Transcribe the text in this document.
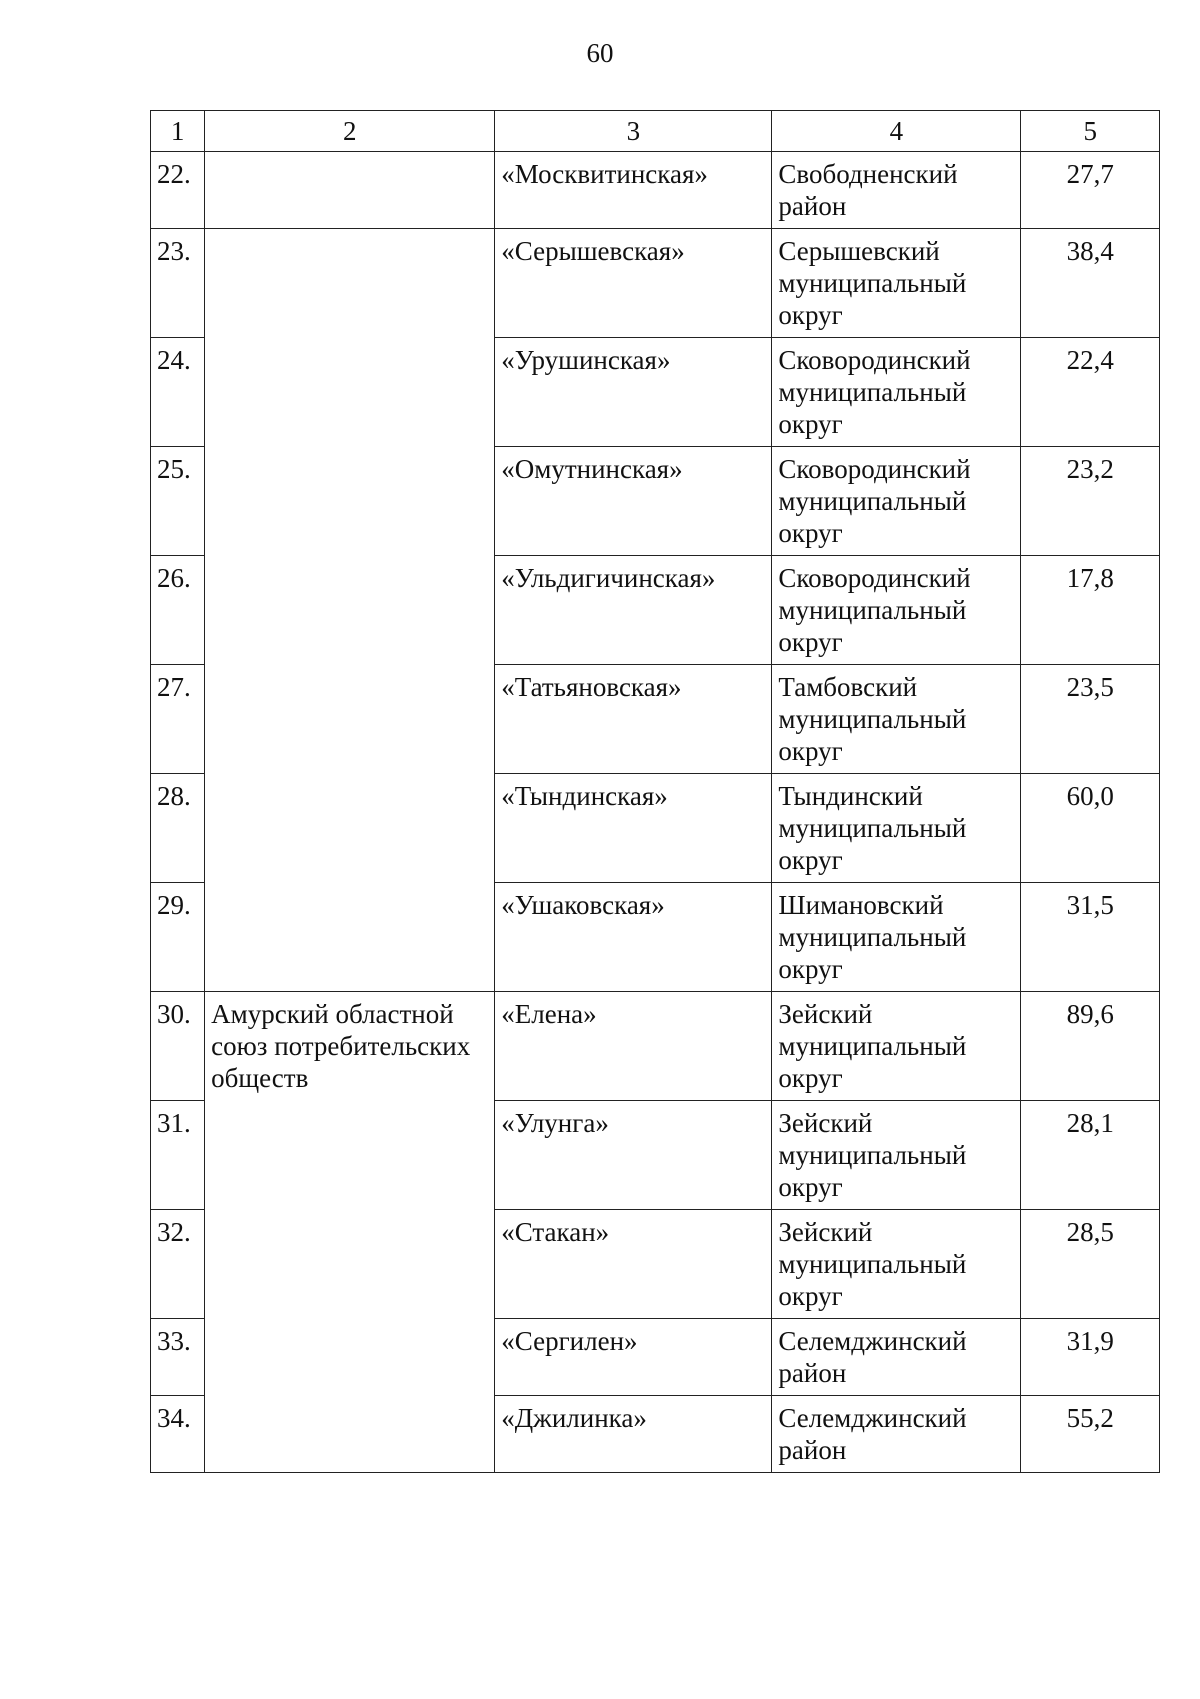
60
1	2	3	4	5
22.		«Москвитинская»	Свободненский район	27,7
23.		«Серышевская»	Серышевский муниципальный округ	38,4
24.		«Урушинская»	Сковородинский муниципальный округ	22,4
25.		«Омутнинская»	Сковородинский муниципальный округ	23,2
26.		«Ульдигичинская»	Сковородинский муниципальный округ	17,8
27.		«Татьяновская»	Тамбовский муниципальный округ	23,5
28.		«Тындинская»	Тындинский муниципальный округ	60,0
29.		«Ушаковская»	Шимановский муниципальный округ	31,5
30.	Амурский областной союз потребительских обществ	«Елена»	Зейский муниципальный округ	89,6
31.		«Улунга»	Зейский муниципальный округ	28,1
32.		«Стакан»	Зейский муниципальный округ	28,5
33.		«Сергилен»	Селемджинский район	31,9
34.		«Джилинка»	Селемджинский район	55,2
